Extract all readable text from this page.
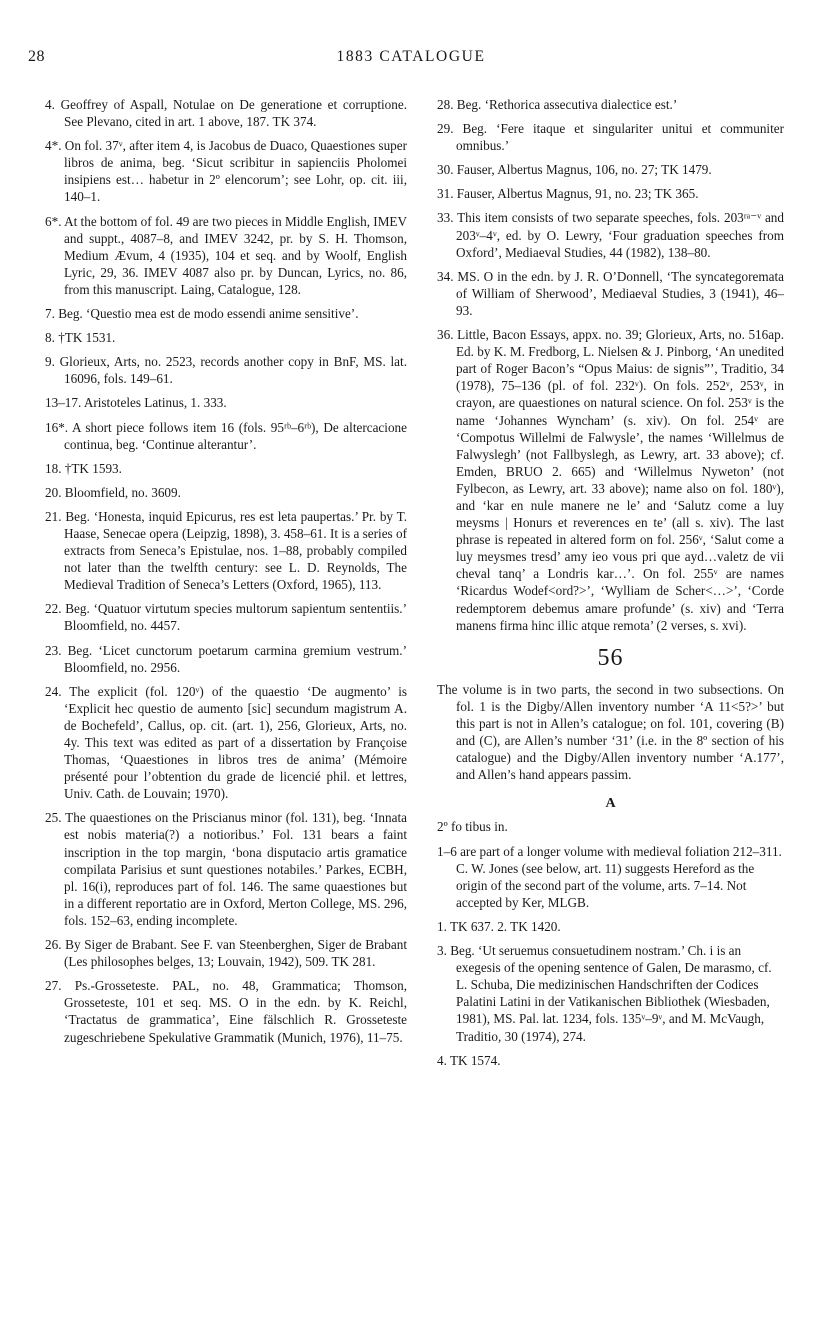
28	1883 CATALOGUE

4. Geoffrey of Aspall, Notulae on De generatione et corruptione. See Plevano, cited in art. 1 above, 187. TK 374.

4*. On fol. 37ᵛ, after item 4, is Jacobus de Duaco, Quaestiones super libros de anima, beg. ‘Sicut scribitur in sapienciis Pholomei insipiens est… habetur in 2º elencorum’; see Lohr, op. cit. iii, 140–1.

6*. At the bottom of fol. 49 are two pieces in Middle English, IMEV and suppt., 4087–8, and IMEV 3242, pr. by S. H. Thomson, Medium Ævum, 4 (1935), 104 et seq. and by Woolf, English Lyric, 29, 36. IMEV 4087 also pr. by Duncan, Lyrics, no. 86, from this manuscript. Laing, Catalogue, 128.

7. Beg. ‘Questio mea est de modo essendi anime sensitive’.

8. †TK 1531.

9. Glorieux, Arts, no. 2523, records another copy in BnF, MS. lat. 16096, fols. 149–61.

13–17. Aristoteles Latinus, 1. 333.

16*. A short piece follows item 16 (fols. 95ʳᵇ–6ʳᵇ), De altercacione continua, beg. ‘Continue alterantur’.

18. †TK 1593.

20. Bloomfield, no. 3609.

21. Beg. ‘Honesta, inquid Epicurus, res est leta paupertas.’ Pr. by T. Haase, Senecae opera (Leipzig, 1898), 3. 458–61. It is a series of extracts from Seneca’s Epistulae, nos. 1–88, probably compiled not later than the twelfth century: see L. D. Reynolds, The Medieval Tradition of Seneca’s Letters (Oxford, 1965), 113.

22. Beg. ‘Quatuor virtutum species multorum sapientum sententiis.’ Bloomfield, no. 4457.

23. Beg. ‘Licet cunctorum poetarum carmina gremium vestrum.’ Bloomfield, no. 2956.

24. The explicit (fol. 120ᵛ) of the quaestio ‘De augmento’ is ‘Explicit hec questio de aumento [sic] secundum magistrum A. de Bochefeld’, Callus, op. cit. (art. 1), 256, Glorieux, Arts, no. 4y. This text was edited as part of a dissertation by Françoise Thomas, ‘Quaestiones in libros tres de anima’ (Mémoire présenté pour l’obtention du grade de licencié phil. et lettres, Univ. Cath. de Louvain; 1970).

25. The quaestiones on the Priscianus minor (fol. 131), beg. ‘Innata est nobis materia(?) a notioribus.’ Fol. 131 bears a faint inscription in the top margin, ‘bona disputacio artis gramatice compilata Parisius et sunt questiones notabiles.’ Parkes, ECBH, pl. 16(i), reproduces part of fol. 146. The same quaestiones but in a different reportatio are in Oxford, Merton College, MS. 296, fols. 152–63, ending incomplete.

26. By Siger de Brabant. See F. van Steenberghen, Siger de Brabant (Les philosophes belges, 13; Louvain, 1942), 509. TK 281.

27. Ps.-Grosseteste. PAL, no. 48, Grammatica; Thomson, Grosseteste, 101 et seq. MS. O in the edn. by K. Reichl, ‘Tractatus de grammatica’, Eine fälschlich R. Grosseteste zugeschriebene Spekulative Grammatik (Munich, 1976), 11–75.

28. Beg. ‘Rethorica assecutiva dialectice est.’

29. Beg. ‘Fere itaque et singulariter unitui et communiter omnibus.’

30. Fauser, Albertus Magnus, 106, no. 27; TK 1479.

31. Fauser, Albertus Magnus, 91, no. 23; TK 365.

33. This item consists of two separate speeches, fols. 203ʳᵃ⁻ᵛ and 203ᵛ–4ᵛ, ed. by O. Lewry, ‘Four graduation speeches from Oxford’, Mediaeval Studies, 44 (1982), 138–80.

34. MS. O in the edn. by J. R. O’Donnell, ‘The syncategoremata of William of Sherwood’, Mediaeval Studies, 3 (1941), 46–93.

36. Little, Bacon Essays, appx. no. 39; Glorieux, Arts, no. 516ap. Ed. by K. M. Fredborg, L. Nielsen & J. Pinborg, ‘An unedited part of Roger Bacon’s “Opus Maius: de signis”’, Traditio, 34 (1978), 75–136 (pl. of fol. 232ᵛ). On fols. 252ᵛ, 253ᵛ, in crayon, are quaestiones on natural science. On fol. 253ᵛ is the name ‘Johannes Wyncham’ (s. xiv). On fol. 254ᵛ are ‘Compotus Willelmi de Falwysle’, the names ‘Willelmus de Falwyslegh’ (not Fallbyslegh, as Lewry, art. 33 above); cf. Emden, BRUO 2. 665) and ‘Willelmus Nyweton’ (not Fylbecon, as Lewry, art. 33 above); name also on fol. 180ᵛ), and ‘kar en nule manere ne le’ and ‘Salutz come a luy meysms | Honurs et reverences en te’ (all s. xiv). The last phrase is repeated in altered form on fol. 256ᵛ, ‘Salut come a luy meysmes tresd’ amy ieo vous pri que ayd…valetz de vii cheval tanq’ a Londris kar…’. On fol. 255ᵛ are names ‘Ricardus Wodef<ord?>’, ‘Wylliam de Scher<…>’, ‘Corde redemptorem debemus amare profunde’ (s. xiv) and ‘Terra manens firma hinc illic atque remota’ (2 verses, s. xvi).

56

The volume is in two parts, the second in two subsections. On fol. 1 is the Digby/Allen inventory number ‘A 11<5?>’ but this part is not in Allen’s catalogue; on fol. 101, covering (B) and (C), are Allen’s number ‘31’ (i.e. in the 8º section of his catalogue) and the Digby/Allen inventory number ‘A.177’, and Allen’s hand appears passim.

A

2º fo tibus in.

1–6 are part of a longer volume with medieval foliation 212–311. C. W. Jones (see below, art. 11) suggests Hereford as the origin of the second part of the volume, arts. 7–14. Not accepted by Ker, MLGB.

1. TK 637. 2. TK 1420.

3. Beg. ‘Ut seruemus consuetudinem nostram.’ Ch. i is an exegesis of the opening sentence of Galen, De marasmo, cf. L. Schuba, Die medizinischen Handschriften der Codices Palatini Latini in der Vatikanischen Bibliothek (Wiesbaden, 1981), MS. Pal. lat. 1234, fols. 135ᵛ–9ᵛ, and M. McVaugh, Traditio, 30 (1974), 274.

4. TK 1574.
